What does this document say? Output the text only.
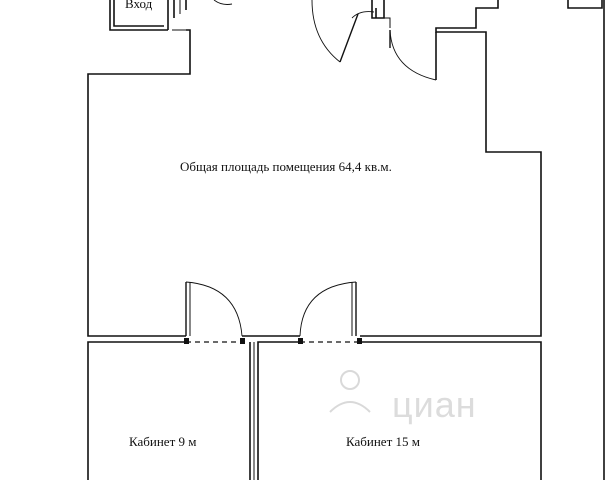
Вход
Общая площадь помещения 64,4 кв.м.
Кабинет 9 м	Кабинет 15 м
циан
